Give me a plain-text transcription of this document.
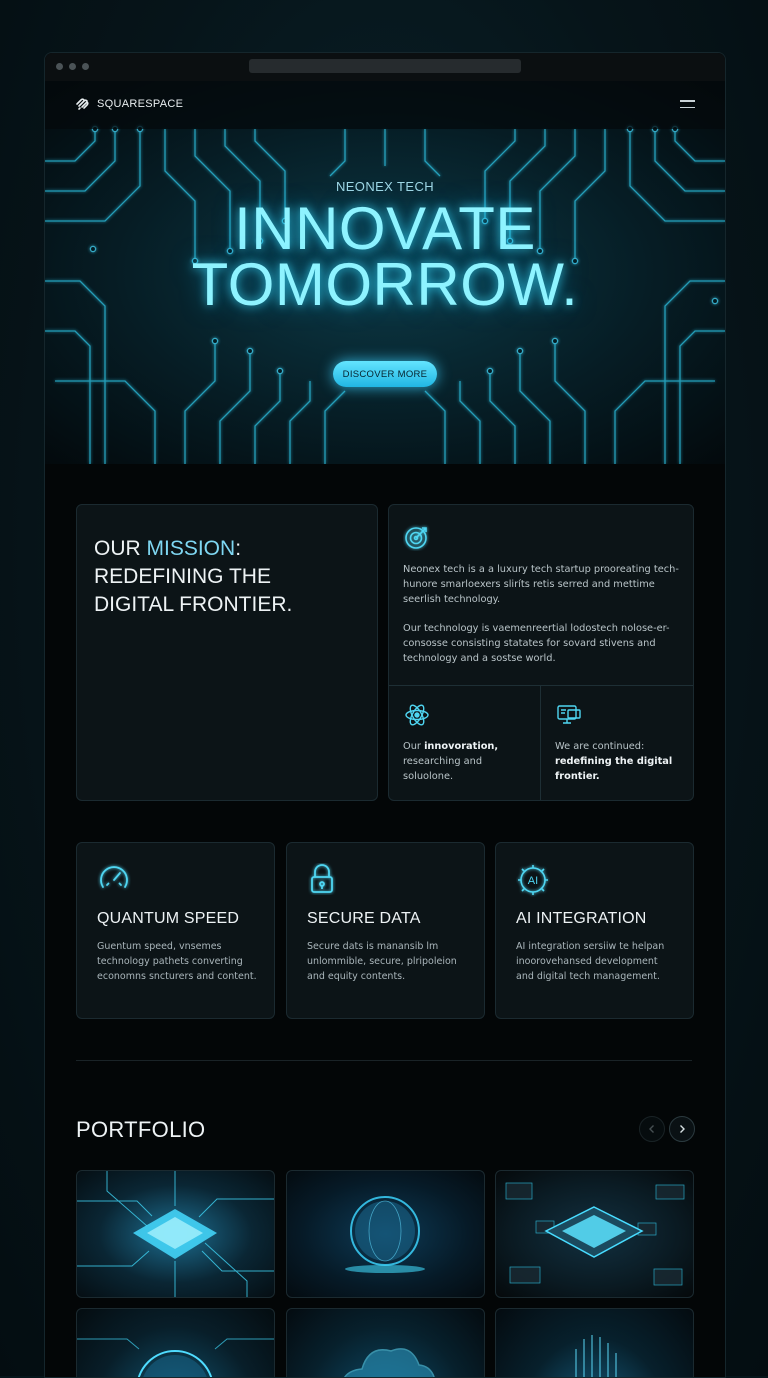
SQUARESPACE
NEONEX TECH
INNOVATE
TOMORROW.
DISCOVER MORE
OUR MISSION:
REDEFINING THE
DIGITAL FRONTIER.
Neonex tech is a a luxury tech startup prooreating tech- hunore smarloexers sliríts retis serred and mettime seerlish technology.
Our technology is vaemenreertial lodostech nolose-er- consosse consisting statates for sovard stivens and technology and a sostse world.
Our innovoration, researching and soluolone.
We are continued: redefining the digital frontier.
QUANTUM SPEED
Guentum speed, vnsemes technology pathets converting economns sncturers and content.
SECURE DATA
Secure dats is manansib lm unlommible, secure, plripoleion and equity contents.
AI
AI INTEGRATION
AI integration sersiiw te helpan inoorovehansed development and digital tech management.
PORTFOLIO
